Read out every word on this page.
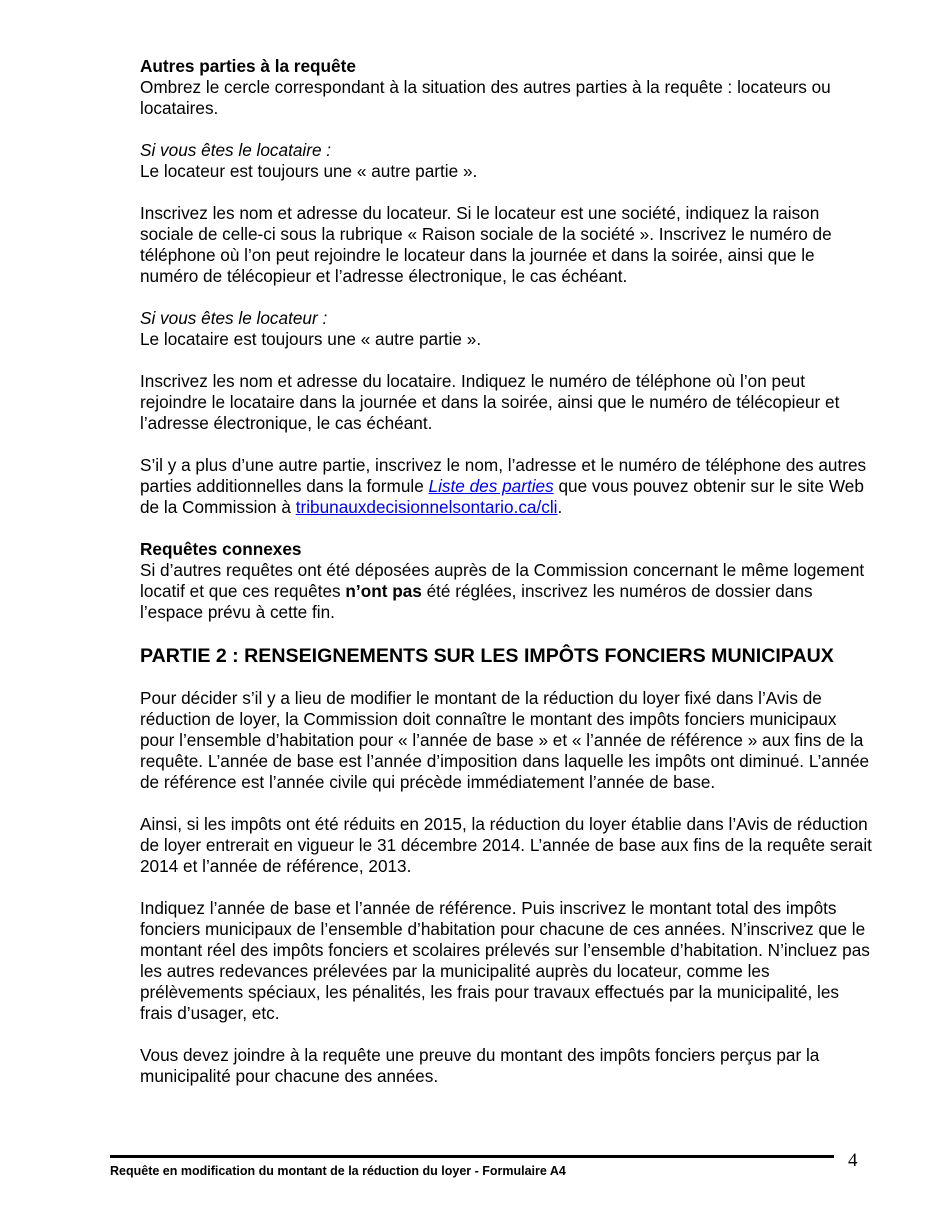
Autres parties à la requête

Ombrez le cercle correspondant à la situation des autres parties à la requête : locateurs ou locataires.

Si vous êtes le locataire :

Le locateur est toujours une « autre partie ».

Inscrivez les nom et adresse du locateur. Si le locateur est une société, indiquez la raison sociale de celle-ci sous la rubrique « Raison sociale de la société ». Inscrivez le numéro de téléphone où l’on peut rejoindre le locateur dans la journée et dans la soirée, ainsi que le numéro de télécopieur et l’adresse électronique, le cas échéant.

Si vous êtes le locateur :

Le locataire est toujours une « autre partie ».

Inscrivez les nom et adresse du locataire. Indiquez le numéro de téléphone où l’on peut rejoindre le locataire dans la journée et dans la soirée, ainsi que le numéro de télécopieur et l’adresse électronique, le cas échéant.

S’il y a plus d’une autre partie, inscrivez le nom, l’adresse et le numéro de téléphone des autres parties additionnelles dans la formule Liste des parties que vous pouvez obtenir sur le site Web de la Commission à tribunauxdecisionnelsontario.ca/cli.

Requêtes connexes

Si d’autres requêtes ont été déposées auprès de la Commission concernant le même logement locatif et que ces requêtes n’ont pas été réglées, inscrivez les numéros de dossier dans l’espace prévu à cette fin.

PARTIE 2 : RENSEIGNEMENTS SUR LES IMPÔTS FONCIERS MUNICIPAUX

Pour décider s’il y a lieu de modifier le montant de la réduction du loyer fixé dans l’Avis de réduction de loyer, la Commission doit connaître le montant des impôts fonciers municipaux pour l’ensemble d’habitation pour « l’année de base » et « l’année de référence » aux fins de la requête. L’année de base est l’année d’imposition dans laquelle les impôts ont diminué. L’année de référence est l’année civile qui précède immédiatement l’année de base.

Ainsi, si les impôts ont été réduits en 2015, la réduction du loyer établie dans l’Avis de réduction de loyer entrerait en vigueur le 31 décembre 2014. L’année de base aux fins de la requête serait 2014 et l’année de référence, 2013.

Indiquez l’année de base et l’année de référence. Puis inscrivez le montant total des impôts fonciers municipaux de l’ensemble d’habitation pour chacune de ces années. N’inscrivez que le montant réel des impôts fonciers et scolaires prélevés sur l’ensemble d’habitation. N’incluez pas les autres redevances prélevées par la municipalité auprès du locateur, comme les prélèvements spéciaux, les pénalités, les frais pour travaux effectués par la municipalité, les frais d’usager, etc.

Vous devez joindre à la requête une preuve du montant des impôts fonciers perçus par la municipalité pour chacune des années.

Requête en modification du montant de la réduction du loyer - Formulaire A4	4
